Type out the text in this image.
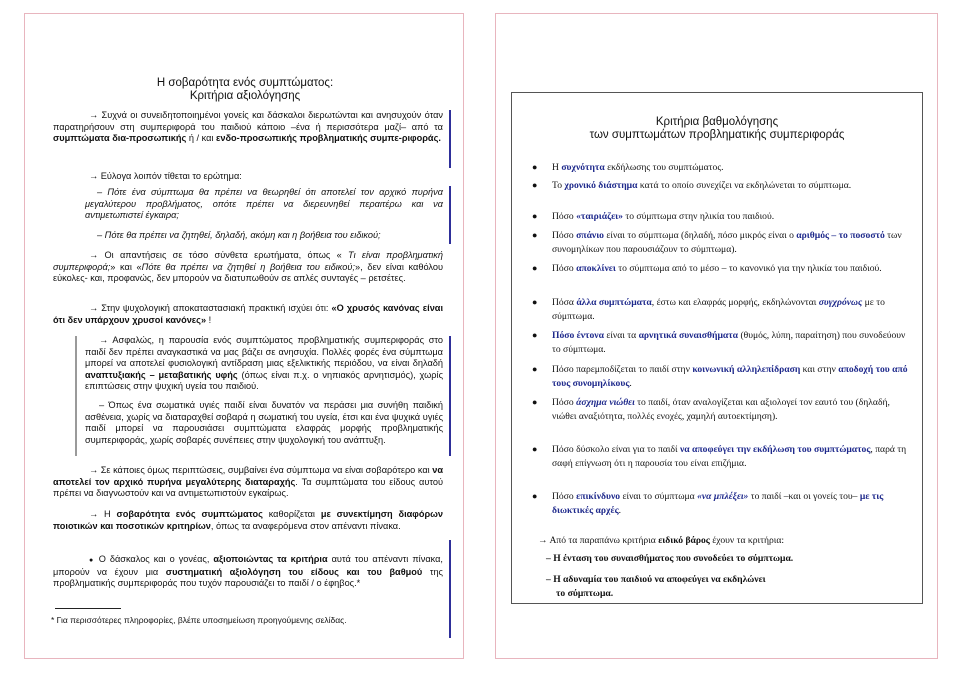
Η σοβαρότητα ενός συμπτώματος:
Κριτήρια αξιολόγησης
→ Συχνά οι συνειδητοποιημένοι γονείς και δάσκαλοι διερωτώνται και ανησυχούν όταν παρατηρήσουν στη συμπεριφορά του παιδιού κάποιο –ένα ή περισσότερα μαζί– από τα συμπτώματα δια-προσωπικής ή / και ενδο-προσωπικής προβληματικής συμπε-ριφοράς.
→ Εύλογα λοιπόν τίθεται το ερώτημα:
– Πότε ένα σύμπτωμα θα πρέπει να θεωρηθεί ότι αποτελεί τον αρχικό πυρήνα μεγαλύτερου προβλήματος, οπότε πρέπει να διερευνηθεί περαιτέρω και να αντιμετωπιστεί έγκαιρα;
– Πότε θα πρέπει να ζητηθεί, δηλαδή, ακόμη και η βοήθεια του ειδικού;
→ Οι απαντήσεις σε τόσο σύνθετα ερωτήματα, όπως « Τι είναι προβληματική συμπεριφορά;» και «Πότε θα πρέπει να ζητηθεί η βοήθεια του ειδικού;», δεν είναι καθόλου εύκολες- και, προφανώς, δεν μπορούν να διατυπωθούν σε απλές συνταγές – ρετσέτες.
→ Στην ψυχολογική αποκαταστασιακή πρακτική ισχύει ότι: «Ο χρυσός κανόνας είναι ότι δεν υπάρχουν χρυσοί κανόνες» !
→ Ασφαλώς, η παρουσία ενός συμπτώματος προβληματικής συμπεριφοράς στο παιδί δεν πρέπει αναγκαστικά να μας βάζει σε ανησυχία. Πολλές φορές ένα σύμπτωμα μπορεί να αποτελεί φυσιολογική αντίδραση μιας εξελικτικής περιόδου, να είναι δηλαδή αναπτυξιακής – μεταβατικής υφής (όπως είναι π.χ. ο νηπιακός αρνητισμός), χωρίς επιπτώσεις στην ψυχική υγεία του παιδιού.
– Όπως ένα σωματικά υγιές παιδί είναι δυνατόν να περάσει μια συνήθη παιδική ασθένεια, χωρίς να διαταραχθεί σοβαρά η σωματική του υγεία, έτσι και ένα ψυχικά υγιές παιδί μπορεί να παρουσιάσει συμπτώματα ελαφράς μορφής προβληματικής συμπεριφοράς, χωρίς σοβαρές συνέπειες στην ψυχολογική του ανάπτυξη.
→ Σε κάποιες όμως περιπτώσεις, συμβαίνει ένα σύμπτωμα να είναι σοβαρότερο και να αποτελεί τον αρχικό πυρήνα μεγαλύτερης διαταραχής. Τα συμπτώματα του είδους αυτού πρέπει να διαγνωστούν και να αντιμετωπιστούν εγκαίρως.
→ Η σοβαρότητα ενός συμπτώματος καθορίζεται με συνεκτίμηση διαφόρων ποιοτικών και ποσοτικών κριτηρίων, όπως τα αναφερόμενα στον απέναντι πίνακα.
● Ο δάσκαλος και ο γονέας, αξιοποιώντας τα κριτήρια αυτά του απέναντι πίνακα, μπορούν να έχουν μια συστηματική αξιολόγηση του είδους και του βαθμού της προβληματικής συμπεριφοράς που τυχόν παρουσιάζει το παιδί / ο έφηβος.*
* Για περισσότερες πληροφορίες, βλέπε υποσημείωση προηγούμενης σελίδας.
Κριτήρια βαθμολόγησης
των συμπτωμάτων προβληματικής συμπεριφοράς
● Η συχνότητα εκδήλωσης του συμπτώματος.
● Το χρονικό διάστημα κατά το οποίο συνεχίζει να εκδηλώνεται το σύμπτωμα.
● Πόσο «ταιριάζει» το σύμπτωμα στην ηλικία του παιδιού.
● Πόσο σπάνιο είναι το σύμπτωμα (δηλαδή, πόσο μικρός είναι ο αριθμός – το ποσοστό των συνομηλίκων που παρουσιάζουν το σύμπτωμα).
● Πόσο αποκλίνει το σύμπτωμα από το μέσο – το κανονικό για την ηλικία του παιδιού.
● Πόσα άλλα συμπτώματα, έστω και ελαφράς μορφής, εκδηλώνονται συγχρόνως με το σύμπτωμα.
● Πόσο έντονα είναι τα αρνητικά συναισθήματα (θυμός, λύπη, παραίτηση) που συνοδεύουν το σύμπτωμα.
● Πόσο παρεμποδίζεται το παιδί στην κοινωνική αλληλεπίδραση και στην αποδοχή του από τους συνομηλίκους.
● Πόσο άσχημα νιώθει το παιδί, όταν αναλογίζεται και αξιολογεί τον εαυτό του (δηλαδή, νιώθει αναξιότητα, πολλές ενοχές, χαμηλή αυτοεκτίμηση).
● Πόσο δύσκολο είναι για το παιδί να αποφεύγει την εκδήλωση του συμπτώματος, παρά τη σαφή επίγνωση ότι η παρουσία του είναι επιζήμια.
● Πόσο επικίνδυνο είναι το σύμπτωμα «να μπλέξει» το παιδί –και οι γονείς του– με τις διωκτικές αρχές.
→ Από τα παραπάνω κριτήρια ειδικό βάρος έχουν τα κριτήρια:
– Η ένταση του συναισθήματος που συνοδεύει το σύμπτωμα.
– Η αδυναμία του παιδιού να αποφεύγει να εκδηλώνει
το σύμπτωμα.
